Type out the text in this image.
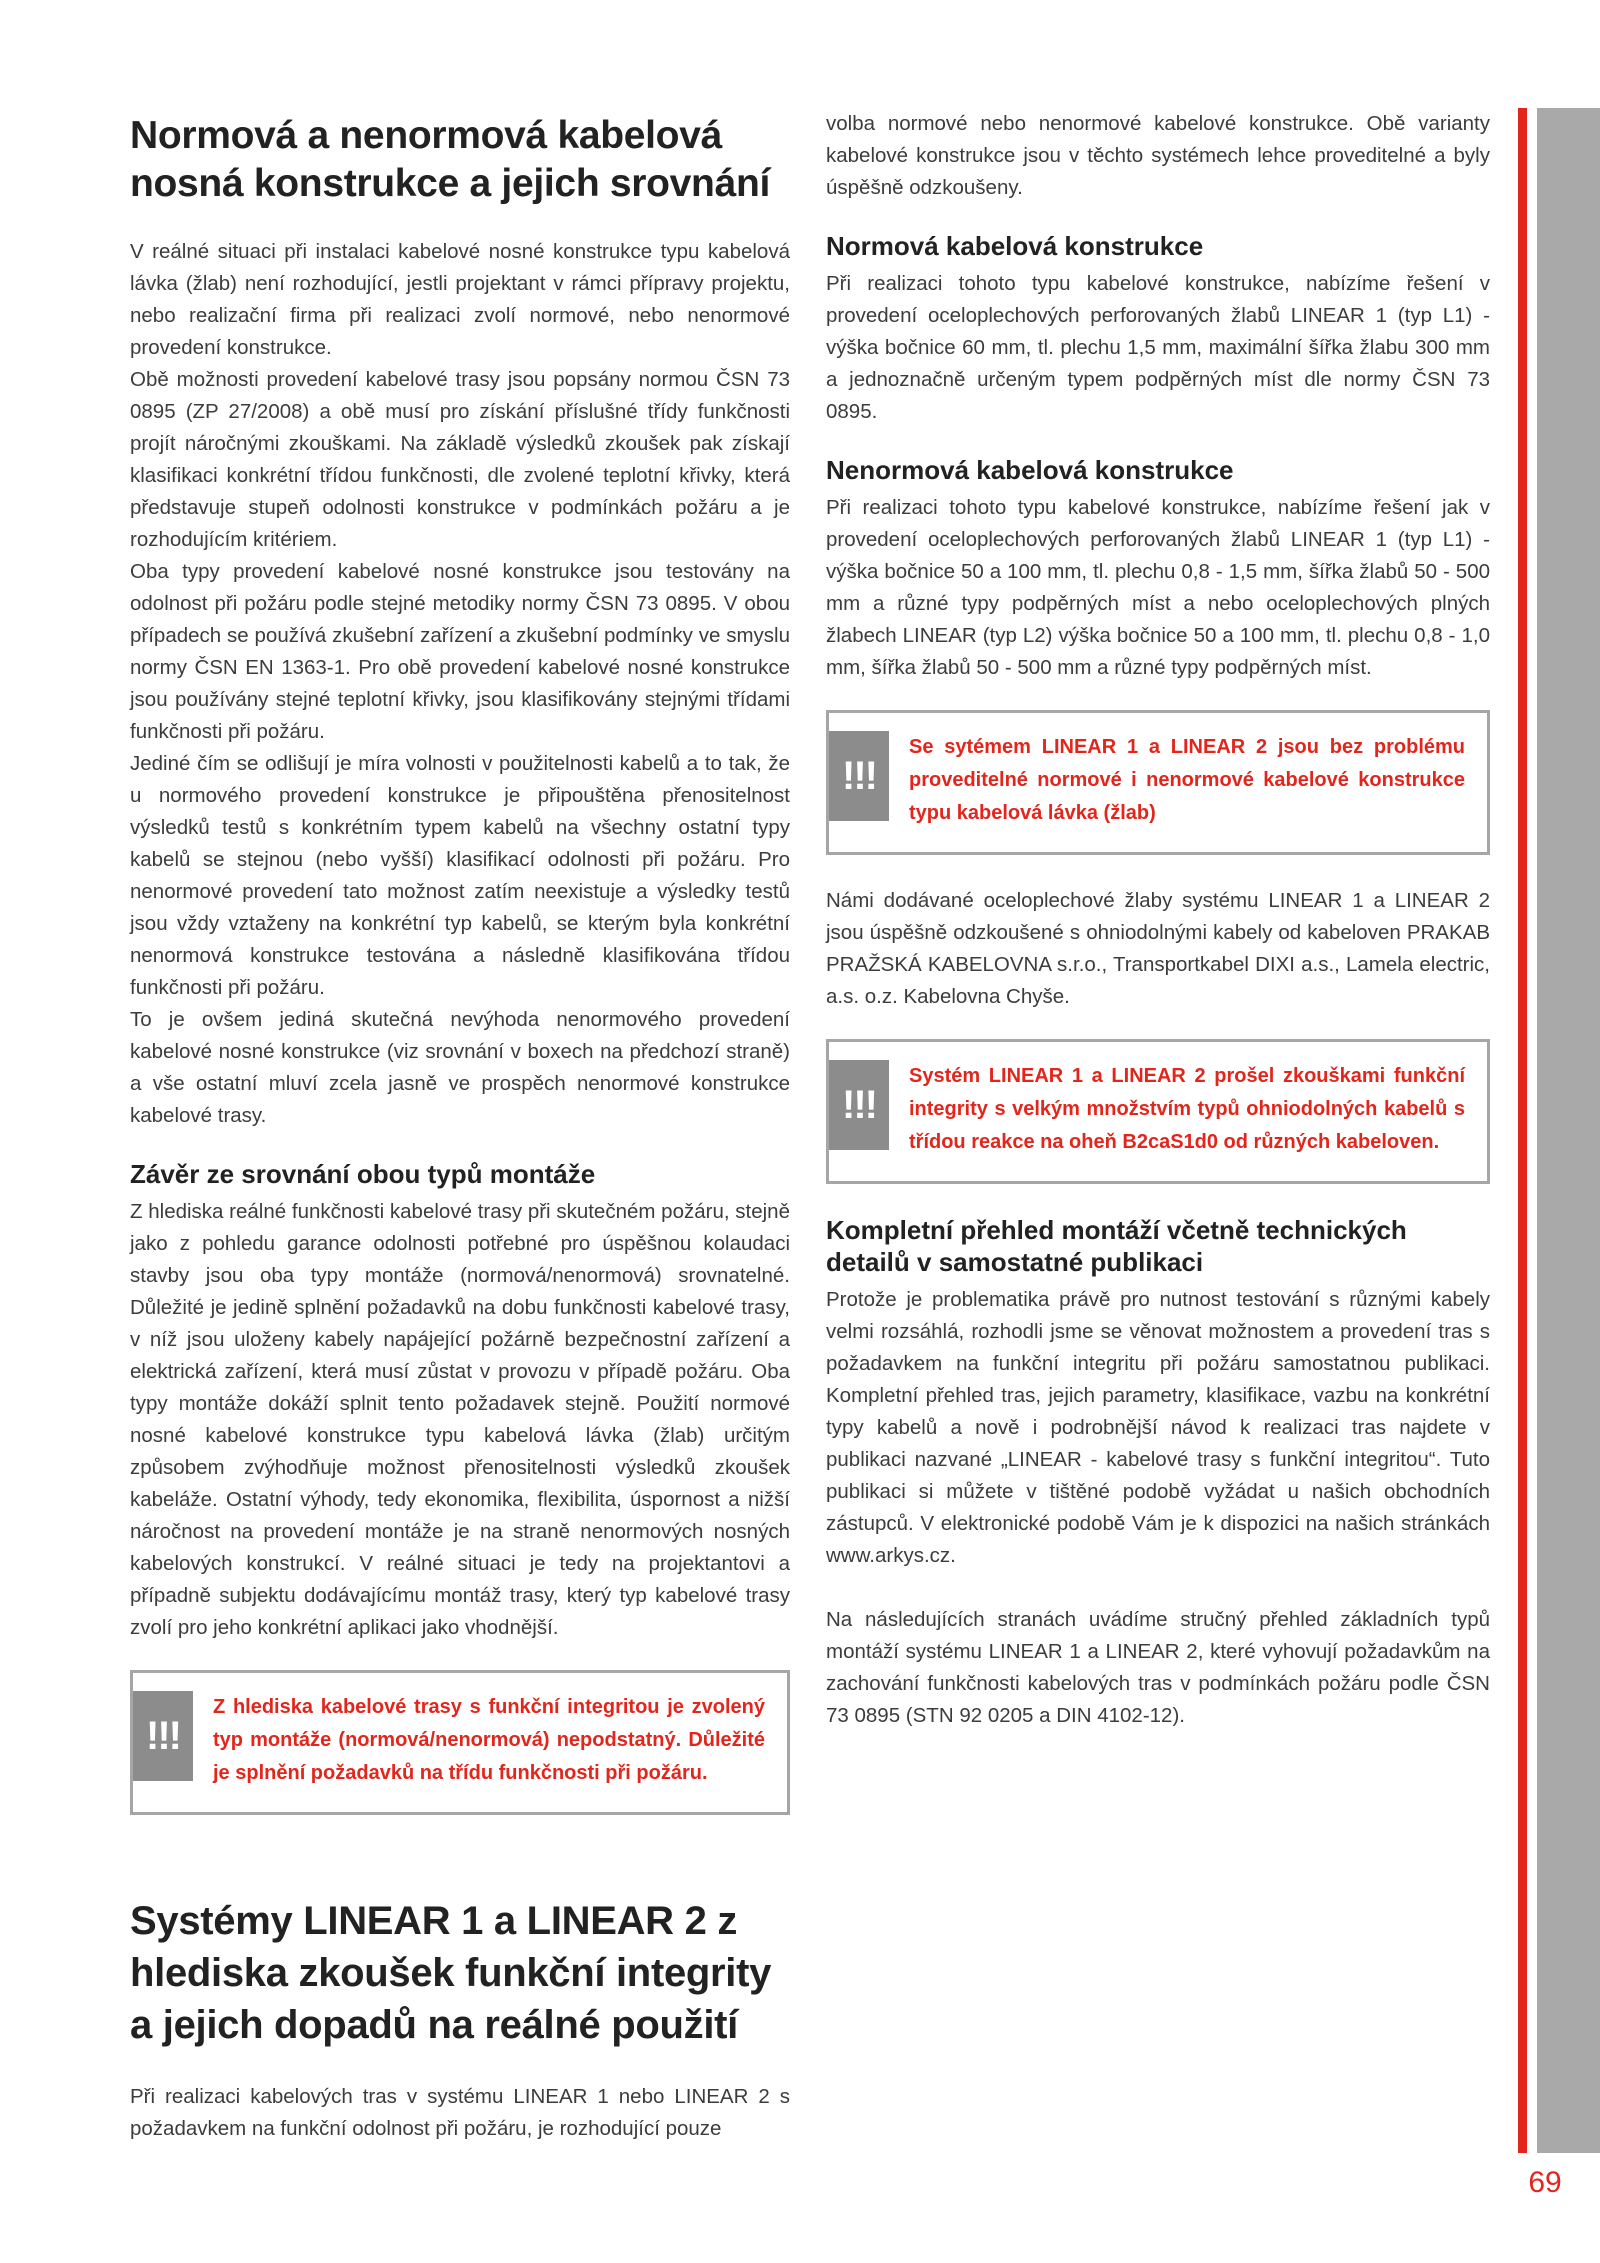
Normová a nenormová kabelová nosná konstrukce a jejich srovnání

V reálné situaci při instalaci kabelové nosné konstrukce typu kabelová lávka (žlab) není rozhodující, jestli projektant v rámci přípravy projektu, nebo realizační firma při realizaci zvolí normové, nebo nenormové provedení konstrukce.

Obě možnosti provedení kabelové trasy jsou popsány normou ČSN 73 0895 (ZP 27/2008) a obě musí pro získání příslušné třídy funkčnosti projít náročnými zkouškami. Na základě výsledků zkoušek pak získají klasifikaci konkrétní třídou funkčnosti, dle zvolené teplotní křivky, která představuje stupeň odolnosti konstrukce v podmínkách požáru a je rozhodujícím kritériem.

Oba typy provedení kabelové nosné konstrukce jsou testovány na odolnost při požáru podle stejné metodiky normy ČSN 73 0895. V obou případech se používá zkušební zařízení a zkušební podmínky ve smyslu normy ČSN EN 1363-1. Pro obě provedení kabelové nosné konstrukce jsou používány stejné teplotní křivky, jsou klasifikovány stejnými třídami funkčnosti při požáru.

Jediné čím se odlišují je míra volnosti v použitelnosti kabelů a to tak, že u normového provedení konstrukce je připouštěna přenositelnost výsledků testů s konkrétním typem kabelů na všechny ostatní typy kabelů se stejnou (nebo vyšší) klasifikací odolnosti při požáru. Pro nenormové provedení tato možnost zatím neexistuje a výsledky testů jsou vždy vztaženy na konkrétní typ kabelů, se kterým byla konkrétní nenormová konstrukce testována a následně klasifikována třídou funkčnosti při požáru.

To je ovšem jediná skutečná nevýhoda nenormového provedení kabelové nosné konstrukce (viz srovnání v boxech na předchozí straně) a vše ostatní mluví zcela jasně ve prospěch nenormové konstrukce kabelové trasy.

Závěr ze srovnání obou typů montáže

Z hlediska reálné funkčnosti kabelové trasy při skutečném požáru, stejně jako z pohledu garance odolnosti potřebné pro úspěšnou kolaudaci stavby jsou oba typy montáže (normová/nenormová) srovnatelné. Důležité je jedině splnění požadavků na dobu funkčnosti kabelové trasy, v níž jsou uloženy kabely napájející požárně bezpečnostní zařízení a elektrická zařízení, která musí zůstat v provozu v případě požáru. Oba typy montáže dokáží splnit tento požadavek stejně. Použití normové nosné kabelové konstrukce typu kabelová lávka (žlab) určitým způsobem zvýhodňuje možnost přenositelnosti výsledků zkoušek kabeláže. Ostatní výhody, tedy ekonomika, flexibilita, úspornost a nižší náročnost na provedení montáže je na straně nenormových nosných kabelových konstrukcí. V reálné situaci je tedy na projektantovi a případně subjektu dodávajícímu montáž trasy, který typ kabelové trasy zvolí pro jeho konkrétní aplikaci jako vhodnější.

!!!
Z hlediska kabelové trasy s funkční integritou je zvolený typ montáže (normová/nenormová) nepodstatný. Důležité je splnění požadavků na třídu funkčnosti při požáru.
Systémy LINEAR 1 a LINEAR 2 z hlediska zkoušek funkční integrity a jejich dopadů na reálné použití

Při realizaci kabelových tras v systému LINEAR 1 nebo LINEAR 2 s požadavkem na funkční odolnost při požáru, je rozhodující pouze

volba normové nebo nenormové kabelové konstrukce. Obě varianty kabelové konstrukce jsou v těchto systémech lehce proveditelné a byly úspěšně odzkoušeny.

Normová kabelová konstrukce

Při realizaci tohoto typu kabelové konstrukce, nabízíme řešení v provedení oceloplechových perforovaných žlabů LINEAR 1 (typ L1) - výška bočnice 60 mm, tl. plechu 1,5 mm, maximální šířka žlabu 300 mm a jednoznačně určeným typem podpěrných míst dle normy ČSN 73 0895.

Nenormová kabelová konstrukce

Při realizaci tohoto typu kabelové konstrukce, nabízíme řešení jak v provedení oceloplechových perforovaných žlabů LINEAR 1 (typ L1) - výška bočnice 50 a 100 mm, tl. plechu 0,8 - 1,5 mm, šířka žlabů 50 - 500 mm a různé typy podpěrných míst a nebo oceloplechových plných žlabech LINEAR (typ L2) výška bočnice 50 a 100 mm, tl. plechu 0,8 - 1,0 mm, šířka žlabů 50 - 500 mm a různé typy podpěrných míst.

!!!
Se sytémem LINEAR 1 a LINEAR 2 jsou bez problému proveditelné normové i nenormové kabelové konstrukce typu kabelová lávka (žlab)

Námi dodávané oceloplechové žlaby systému LINEAR 1 a LINEAR 2 jsou úspěšně odzkoušené s ohniodolnými kabely od kabeloven PRAKAB PRAŽSKÁ KABELOVNA s.r.o., Transportkabel DIXI a.s., Lamela electric, a.s. o.z. Kabelovna Chyše.

!!!
Systém LINEAR 1 a LINEAR 2 prošel zkouškami funkční integrity s velkým množstvím typů ohniodolných kabelů s třídou reakce na oheň B2caS1d0 od různých kabeloven.
Kompletní přehled montáží včetně technických detailů v samostatné publikaci

Protože je problematika právě pro nutnost testování s různými kabely velmi rozsáhlá, rozhodli jsme se věnovat možnostem a provedení tras s požadavkem na funkční integritu při požáru samostatnou publikaci. Kompletní přehled tras, jejich parametry, klasifikace, vazbu na konkrétní typy kabelů a nově i podrobnější návod k realizaci tras najdete v publikaci nazvané „LINEAR - kabelové trasy s funkční integritou“. Tuto publikaci si můžete v tištěné podobě vyžádat u našich obchodních zástupců. V elektronické podobě Vám je k dispozici na našich stránkách www.arkys.cz.

Na následujících stranách uvádíme stručný přehled základních typů montáží systému LINEAR 1 a LINEAR 2, které vyhovují požadavkům na zachování funkčnosti kabelových tras v podmínkách požáru podle ČSN 73 0895 (STN 92 0205 a DIN 4102-12).

69
